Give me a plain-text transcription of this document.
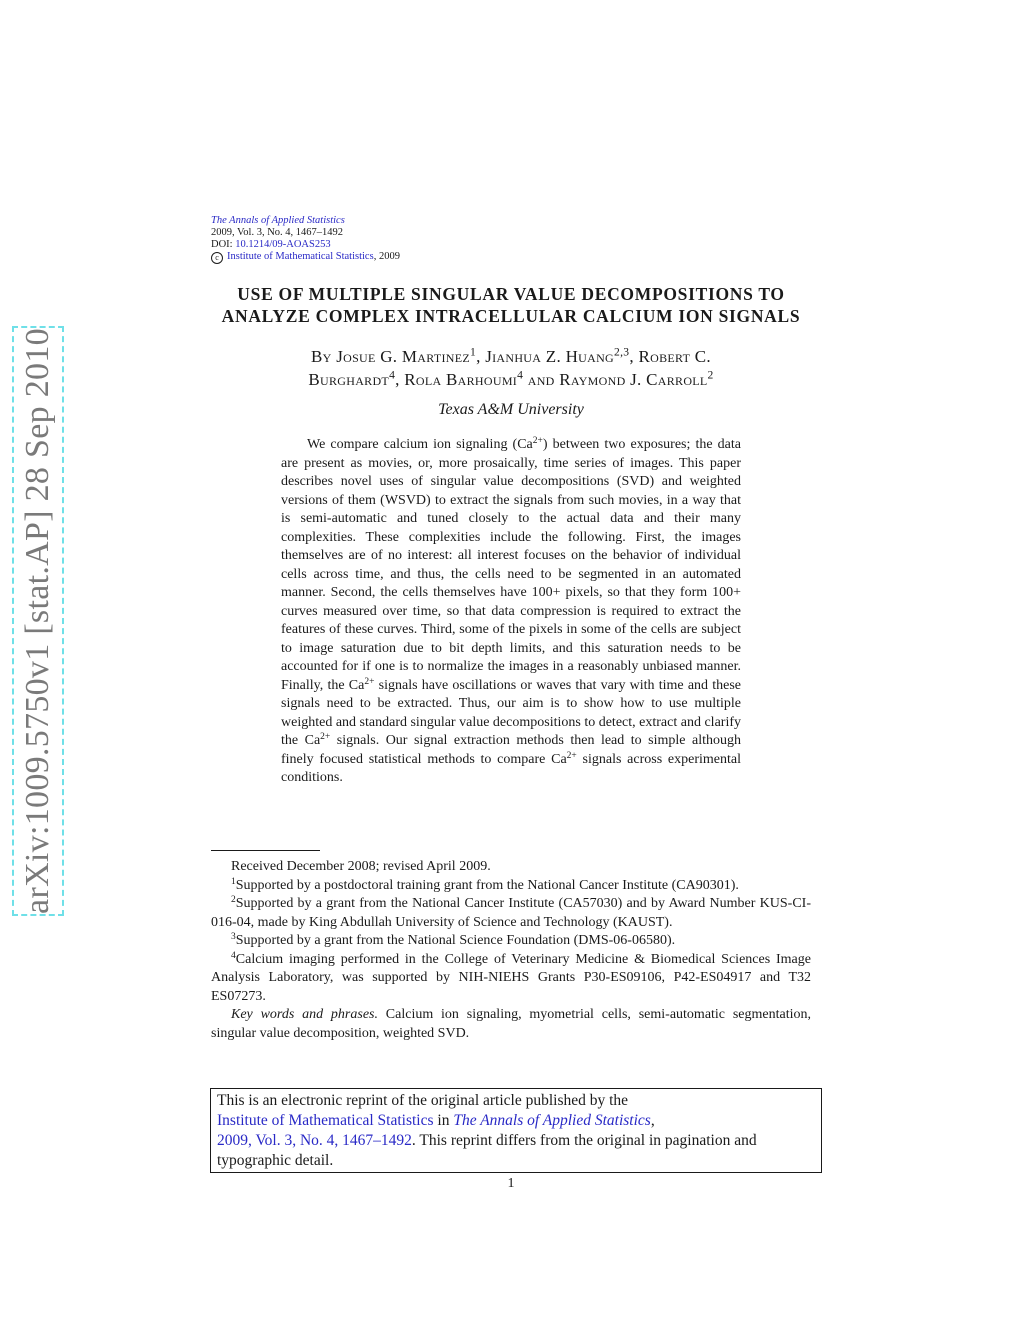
arXiv:1009.5750v1 [stat.AP] 28 Sep 2010
The Annals of Applied Statistics
2009, Vol. 3, No. 4, 1467–1492
DOI: 10.1214/09-AOAS253
c Institute of Mathematical Statistics, 2009
USE OF MULTIPLE SINGULAR VALUE DECOMPOSITIONS TO
ANALYZE COMPLEX INTRACELLULAR CALCIUM ION SIGNALS
By Josue G. Martinez$^1$, Jianhua Z. Huang$^{2,3}$, Robert C.
Burghardt$^4$, Rola Barhoumi$^4$ and Raymond J. Carroll$^2$
Texas A&M University

We compare calcium ion signaling $(Ca^{2+})$ between two exposures; the data are present as movies, or, more prosaically, time series of images. This paper describes novel uses of singular value decompositions (SVD) and weighted versions of them (WSVD) to extract the signals from such movies, in a way that is semi-automatic and tuned closely to the actual data and their many complexities. These complexities include the following. First, the images themselves are of no interest: all interest focuses on the behavior of individual cells across time, and thus, the cells need to be segmented in an automated manner. Second, the cells themselves have 100+ pixels, so that they form 100+ curves measured over time, so that data compression is required to extract the features of these curves. Third, some of the pixels in some of the cells are subject to image saturation due to bit depth limits, and this saturation needs to be accounted for if one is to normalize the images in a reasonably unbiased manner. Finally, the $Ca^{2+}$ signals have oscillations or waves that vary with time and these signals need to be extracted. Thus, our aim is to show how to use multiple weighted and standard singular value decompositions to detect, extract and clarify the $Ca^{2+}$ signals. Our signal extraction methods then lead to simple although finely focused statistical methods to compare $Ca^{2+}$ signals across experimental conditions.

Received December 2008; revised April 2009.

$^1$Supported by a postdoctoral training grant from the National Cancer Institute (CA90301).

$^2$Supported by a grant from the National Cancer Institute (CA57030) and by Award Number KUS-CI-016-04, made by King Abdullah University of Science and Technology (KAUST).

$^3$Supported by a grant from the National Science Foundation (DMS-06-06580).

$^4$Calcium imaging performed in the College of Veterinary Medicine & Biomedical Sciences Image Analysis Laboratory, was supported by NIH-NIEHS Grants P30-ES09106, P42-ES04917 and T32 ES07273.

Key words and phrases. Calcium ion signaling, myometrial cells, semi-automatic segmentation, singular value decomposition, weighted SVD.

This is an electronic reprint of the original article published by the
Institute of Mathematical Statistics in The Annals of Applied Statistics,
2009, Vol. 3, No. 4, 1467–1492. This reprint differs from the original in pagination and typographic detail.
1
